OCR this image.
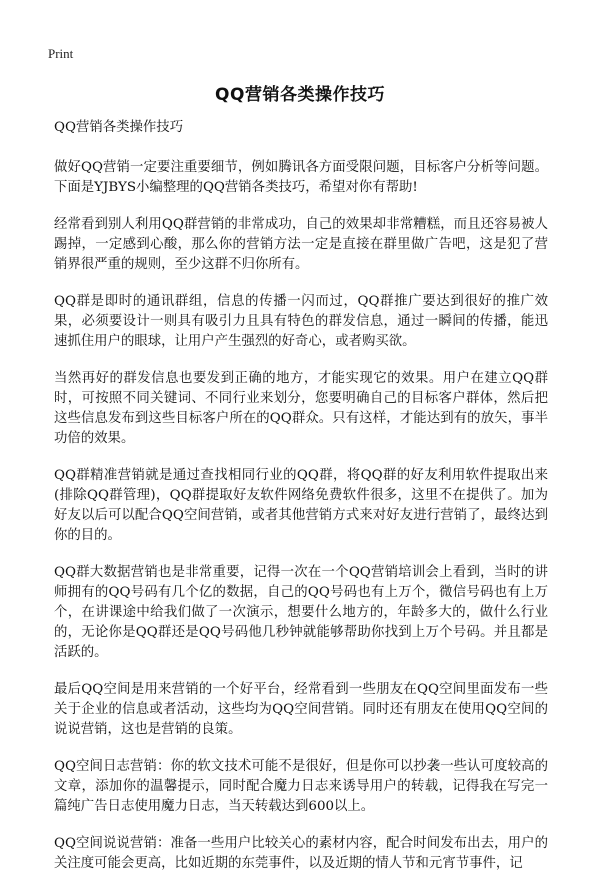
Print
QQ营销各类操作技巧

QQ营销各类操作技巧

做好QQ营销一定要注重要细节，例如腾讯各方面受限问题，目标客户分析等问题。下面是YJBYS小编整理的QQ营销各类技巧，希望对你有帮助!

经常看到别人利用QQ群营销的非常成功，自己的效果却非常糟糕，而且还容易被人踢掉，一定感到心酸，那么你的营销方法一定是直接在群里做广告吧，这是犯了营销界很严重的规则，至少这群不归你所有。

QQ群是即时的通讯群组，信息的传播一闪而过，QQ群推广要达到很好的推广效果，必须要设计一则具有吸引力且具有特色的群发信息，通过一瞬间的传播，能迅速抓住用户的眼球，让用户产生强烈的好奇心，或者购买欲。

当然再好的群发信息也要发到正确的地方，才能实现它的效果。用户在建立QQ群时，可按照不同关键词、不同行业来划分，您要明确自己的目标客户群体，然后把这些信息发布到这些目标客户所在的QQ群众。只有这样，才能达到有的放矢，事半功倍的效果。

QQ群精准营销就是通过查找相同行业的QQ群，将QQ群的好友利用软件提取出来(排除QQ群管理)，QQ群提取好友软件网络免费软件很多，这里不在提供了。加为好友以后可以配合QQ空间营销，或者其他营销方式来对好友进行营销了，最终达到你的目的。

QQ群大数据营销也是非常重要，记得一次在一个QQ营销培训会上看到，当时的讲师拥有的QQ号码有几个亿的数据，自己的QQ号码也有上万个，微信号码也有上万个，在讲课途中给我们做了一次演示，想要什么地方的，年龄多大的，做什么行业的，无论你是QQ群还是QQ号码他几秒钟就能够帮助你找到上万个号码。并且都是活跃的。

最后QQ空间是用来营销的一个好平台，经常看到一些朋友在QQ空间里面发布一些关于企业的信息或者活动，这些均为QQ空间营销。同时还有朋友在使用QQ空间的说说营销，这也是营销的良策。

QQ空间日志营销：你的软文技术可能不是很好，但是你可以抄袭一些认可度较高的文章，添加你的温馨提示，同时配合魔力日志来诱导用户的转载，记得我在写完一篇纯广告日志使用魔力日志，当天转载达到600以上。

QQ空间说说营销：准备一些用户比较关心的素材内容，配合时间发布出去，用户的关注度可能会更高，比如近期的东莞事件，以及近期的情人节和元宵节事件，记
